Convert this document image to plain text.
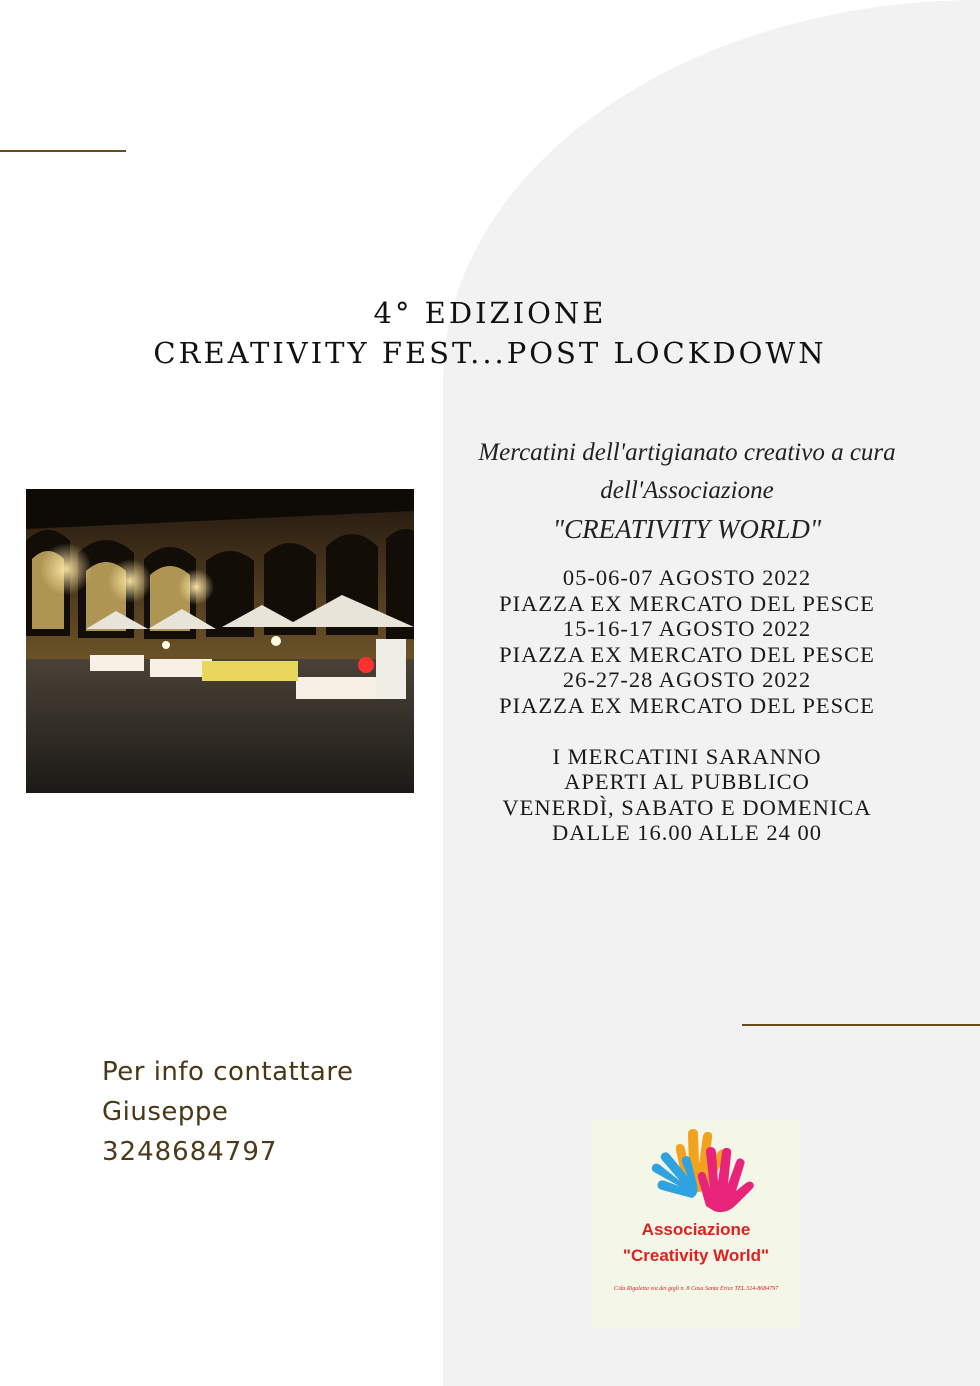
4° EDIZIONE
CREATIVITY FEST...POST LOCKDOWN
Mercatini dell'artigianato creativo a cura
dell'Associazione
"CREATIVITY WORLD"
05-06-07 AGOSTO 2022
PIAZZA EX MERCATO DEL PESCE
15-16-17 AGOSTO 2022
PIAZZA EX MERCATO DEL PESCE
26-27-28 AGOSTO 2022
PIAZZA EX MERCATO DEL PESCE
I MERCATINI SARANNO
APERTI AL PUBBLICO
VENERDÌ, SABATO E DOMENICA
DALLE 16.00 ALLE 24 00
Per info contattare
Giuseppe
3248684797
Associazione
"Creativity World"
C/da Rigaletta via dei gigli n. 8 Casa Santa Erice TEL 324-8684797
